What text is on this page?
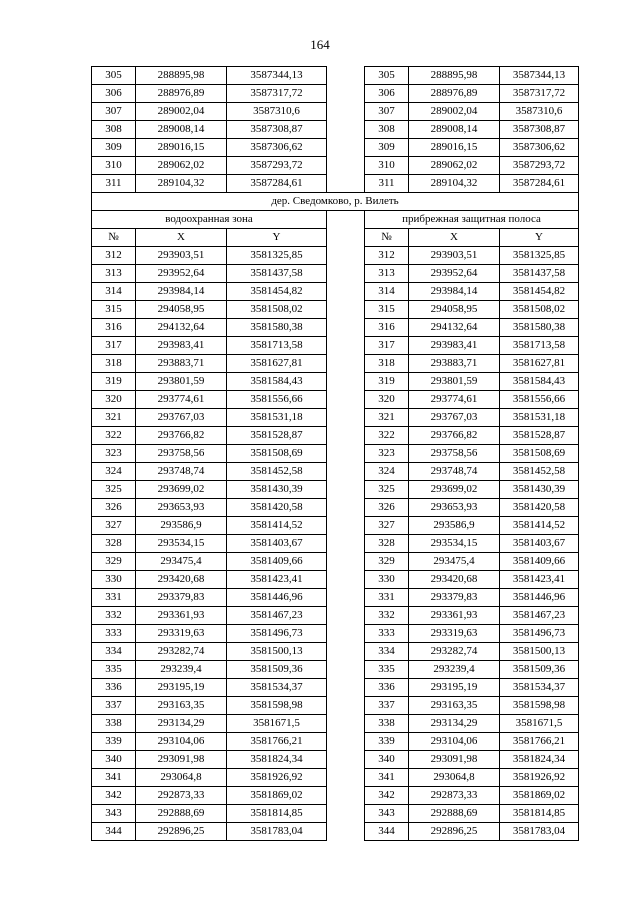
164
305	288895,98	3587344,13		305	288895,98	3587344,13
306	288976,89	3587317,72		306	288976,89	3587317,72
307	289002,04	3587310,6		307	289002,04	3587310,6
308	289008,14	3587308,87		308	289008,14	3587308,87
309	289016,15	3587306,62		309	289016,15	3587306,62
310	289062,02	3587293,72		310	289062,02	3587293,72
311	289104,32	3587284,61		311	289104,32	3587284,61
дер. Сведомково, р. Вилеть						
водоохранная зона				прибрежная защитная полоса		
№	X	Y		№	X	Y
312	293903,51	3581325,85		312	293903,51	3581325,85
313	293952,64	3581437,58		313	293952,64	3581437,58
314	293984,14	3581454,82		314	293984,14	3581454,82
315	294058,95	3581508,02		315	294058,95	3581508,02
316	294132,64	3581580,38		316	294132,64	3581580,38
317	293983,41	3581713,58		317	293983,41	3581713,58
318	293883,71	3581627,81		318	293883,71	3581627,81
319	293801,59	3581584,43		319	293801,59	3581584,43
320	293774,61	3581556,66		320	293774,61	3581556,66
321	293767,03	3581531,18		321	293767,03	3581531,18
322	293766,82	3581528,87		322	293766,82	3581528,87
323	293758,56	3581508,69		323	293758,56	3581508,69
324	293748,74	3581452,58		324	293748,74	3581452,58
325	293699,02	3581430,39		325	293699,02	3581430,39
326	293653,93	3581420,58		326	293653,93	3581420,58
327	293586,9	3581414,52		327	293586,9	3581414,52
328	293534,15	3581403,67		328	293534,15	3581403,67
329	293475,4	3581409,66		329	293475,4	3581409,66
330	293420,68	3581423,41		330	293420,68	3581423,41
331	293379,83	3581446,96		331	293379,83	3581446,96
332	293361,93	3581467,23		332	293361,93	3581467,23
333	293319,63	3581496,73		333	293319,63	3581496,73
334	293282,74	3581500,13		334	293282,74	3581500,13
335	293239,4	3581509,36		335	293239,4	3581509,36
336	293195,19	3581534,37		336	293195,19	3581534,37
337	293163,35	3581598,98		337	293163,35	3581598,98
338	293134,29	3581671,5		338	293134,29	3581671,5
339	293104,06	3581766,21		339	293104,06	3581766,21
340	293091,98	3581824,34		340	293091,98	3581824,34
341	293064,8	3581926,92		341	293064,8	3581926,92
342	292873,33	3581869,02		342	292873,33	3581869,02
343	292888,69	3581814,85		343	292888,69	3581814,85
344	292896,25	3581783,04		344	292896,25	3581783,04
